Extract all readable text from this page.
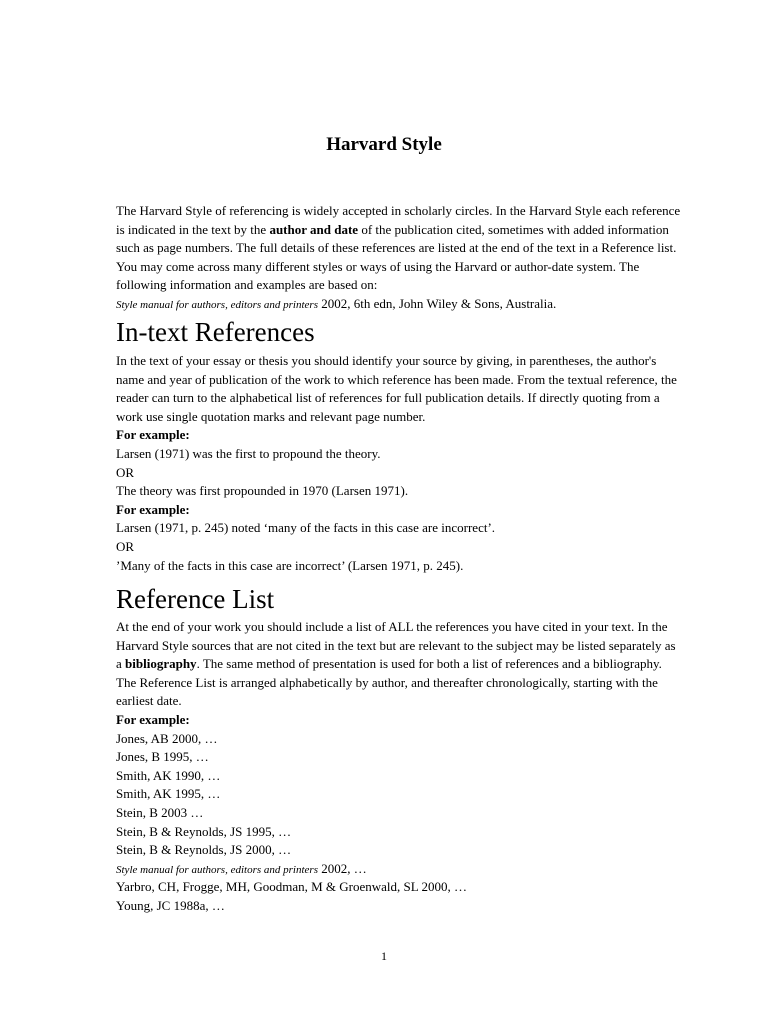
Harvard Style
The Harvard Style of referencing is widely accepted in scholarly circles. In the Harvard Style each reference
is indicated in the text by the author and date of the publication cited, sometimes with added information
such as page numbers. The full details of these references are listed at the end of the text in a Reference list.
You may come across many different styles or ways of using the Harvard or author-date system. The
following information and examples are based on:
Style manual for authors, editors and printers 2002, 6th edn, John Wiley & Sons, Australia.
In-text References
In the text of your essay or thesis you should identify your source by giving, in parentheses, the author's
name and year of publication of the work to which reference has been made. From the textual reference, the
reader can turn to the alphabetical list of references for full publication details. If directly quoting from a
work use single quotation marks and relevant page number.
For example:
Larsen (1971) was the first to propound the theory.
OR
The theory was first propounded in 1970 (Larsen 1971).
For example:
Larsen (1971, p. 245) noted ‘many of the facts in this case are incorrect’.
OR
’Many of the facts in this case are incorrect’ (Larsen 1971, p. 245).
Reference List
At the end of your work you should include a list of ALL the references you have cited in your text. In the
Harvard Style sources that are not cited in the text but are relevant to the subject may be listed separately as
a bibliography. The same method of presentation is used for both a list of references and a bibliography.
The Reference List is arranged alphabetically by author, and thereafter chronologically, starting with the
earliest date.
For example:
Jones, AB 2000, …
Jones, B 1995, …
Smith, AK 1990, …
Smith, AK 1995, …
Stein, B 2003 …
Stein, B & Reynolds, JS 1995, …
Stein, B & Reynolds, JS 2000, …
Style manual for authors, editors and printers 2002, …
Yarbro, CH, Frogge, MH, Goodman, M & Groenwald, SL 2000, …
Young, JC 1988a, …
1
